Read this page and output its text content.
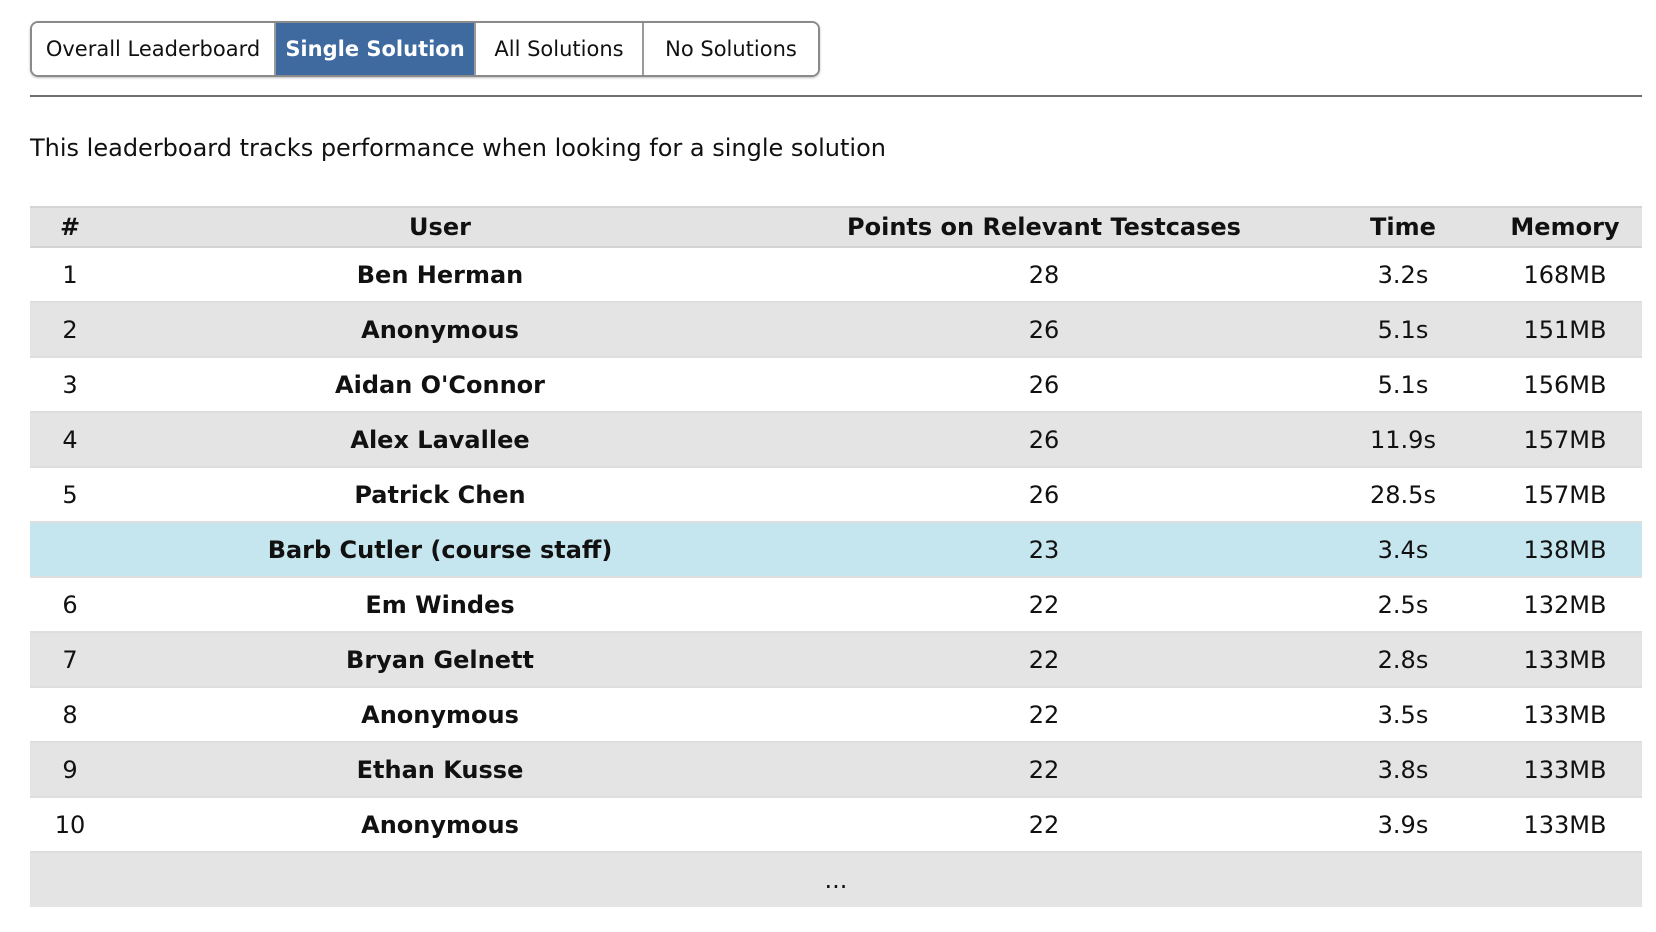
Overall Leaderboard	Single Solution	All Solutions	No Solutions
This leaderboard tracks performance when looking for a single solution
#	User	Points on Relevant Testcases	Time	Memory
1	Ben Herman	28	3.2s	168MB
2	Anonymous	26	5.1s	151MB
3	Aidan O'Connor	26	5.1s	156MB
4	Alex Lavallee	26	11.9s	157MB
5	Patrick Chen	26	28.5s	157MB
	Barb Cutler (course staff)	23	3.4s	138MB
6	Em Windes	22	2.5s	132MB
7	Bryan Gelnett	22	2.8s	133MB
8	Anonymous	22	3.5s	133MB
9	Ethan Kusse	22	3.8s	133MB
10	Anonymous	22	3.9s	133MB
...				
